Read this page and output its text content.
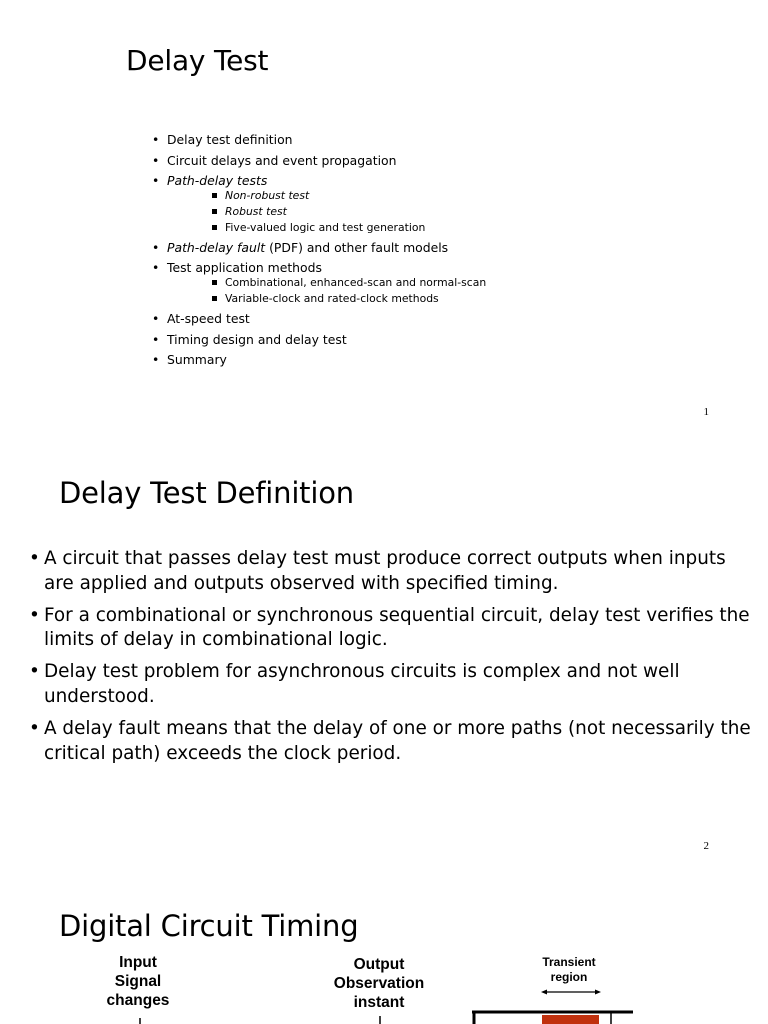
Delay Test
• Delay test definition
• Circuit delays and event propagation
• Path-delay tests
Non-robust test
Robust test
Five-valued logic and test generation
• Path-delay fault (PDF) and other fault models
• Test application methods
Combinational, enhanced-scan and normal-scan
Variable-clock and rated-clock methods
• At-speed test
• Timing design and delay test
• Summary
1
Delay Test Definition
• A circuit that passes delay test must produce correct outputs when inputs are applied and outputs observed with specified timing.
• For a combinational or synchronous sequential circuit, delay test verifies the limits of delay in combinational logic.
• Delay test problem for asynchronous circuits is complex and not well understood.
• A delay fault means that the delay of one or more paths (not necessarily the critical path) exceeds the clock period.
2
Digital Circuit Timing
Input
Signal
changes
Output
Observation
instant
Transient
region
